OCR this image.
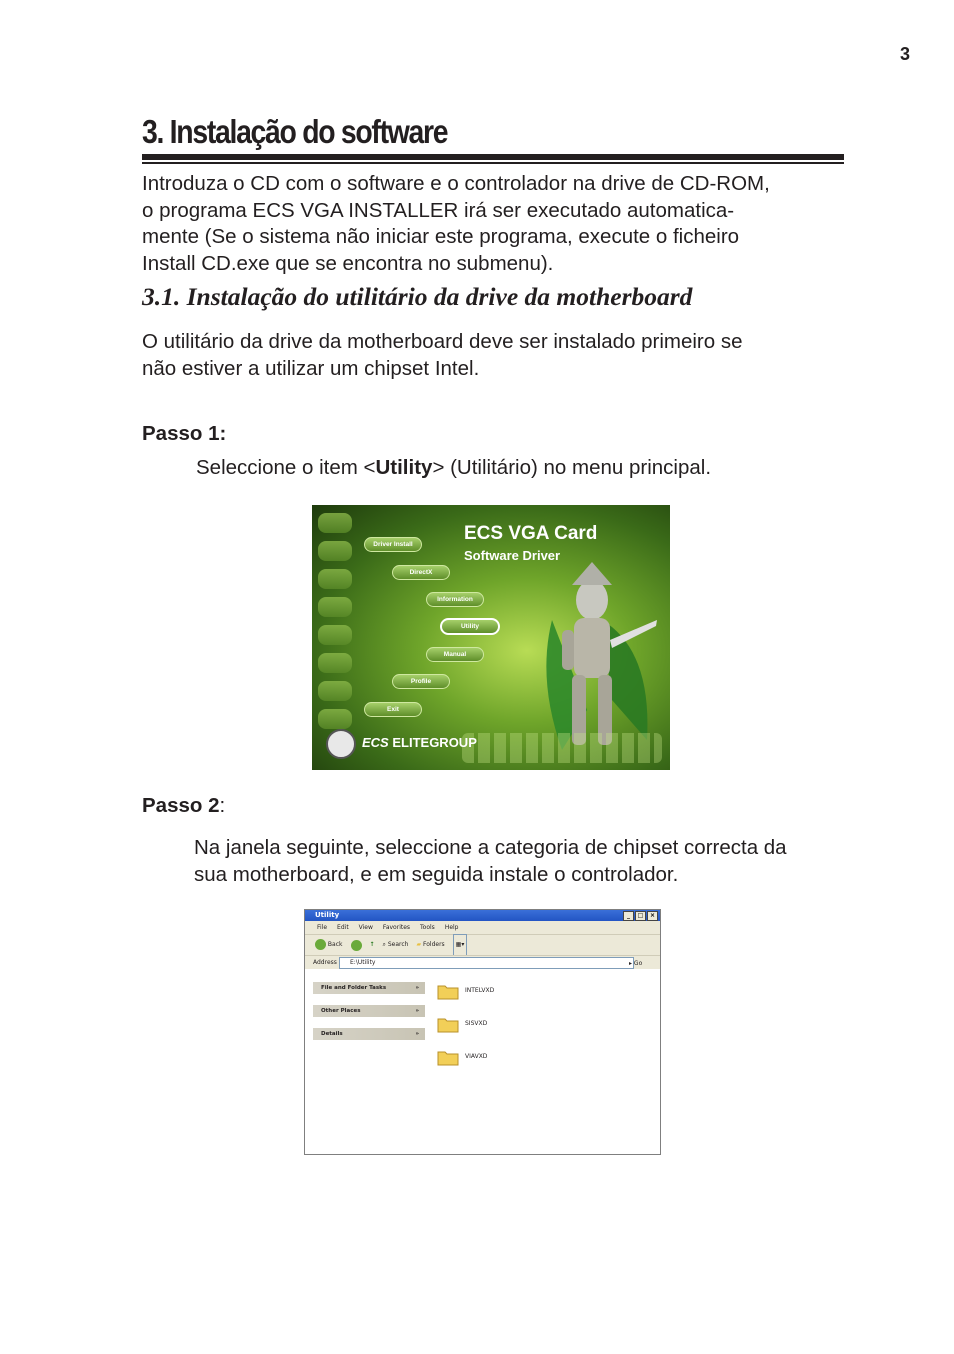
3
3. Instalação do software
Introduza o CD com o software e o controlador na drive de CD-ROM,
o programa ECS VGA INSTALLER irá ser executado automatica-
mente (Se o sistema não iniciar este programa, execute o ficheiro
Install CD.exe que se encontra no submenu).
3.1. Instalação do utilitário da drive da motherboard
O utilitário da drive da motherboard deve ser instalado primeiro se
não estiver a utilizar um chipset Intel.
Passo 1:
Seleccione o item <Utility> (Utilitário) no menu principal.
ECS VGA Card
Software Driver
Driver Install
DirectX
Information
Utility
Manual
Profile
Exit
ECS ELITEGROUP
Passo 2:
Na janela seguinte, seleccione a categoria de chipset correcta da
sua motherboard, e em seguida instale o controlador.
Utility	_	□	×
File Edit View Favorites Tools Help
Back	↑ ⌕ Search ▰ Folders	▦▾
Address	E:\Utility	▸ Go
File and Folder Tasks	»
Other Places	»
Details	»
INTELVXD
SISVXD
VIAVXD
